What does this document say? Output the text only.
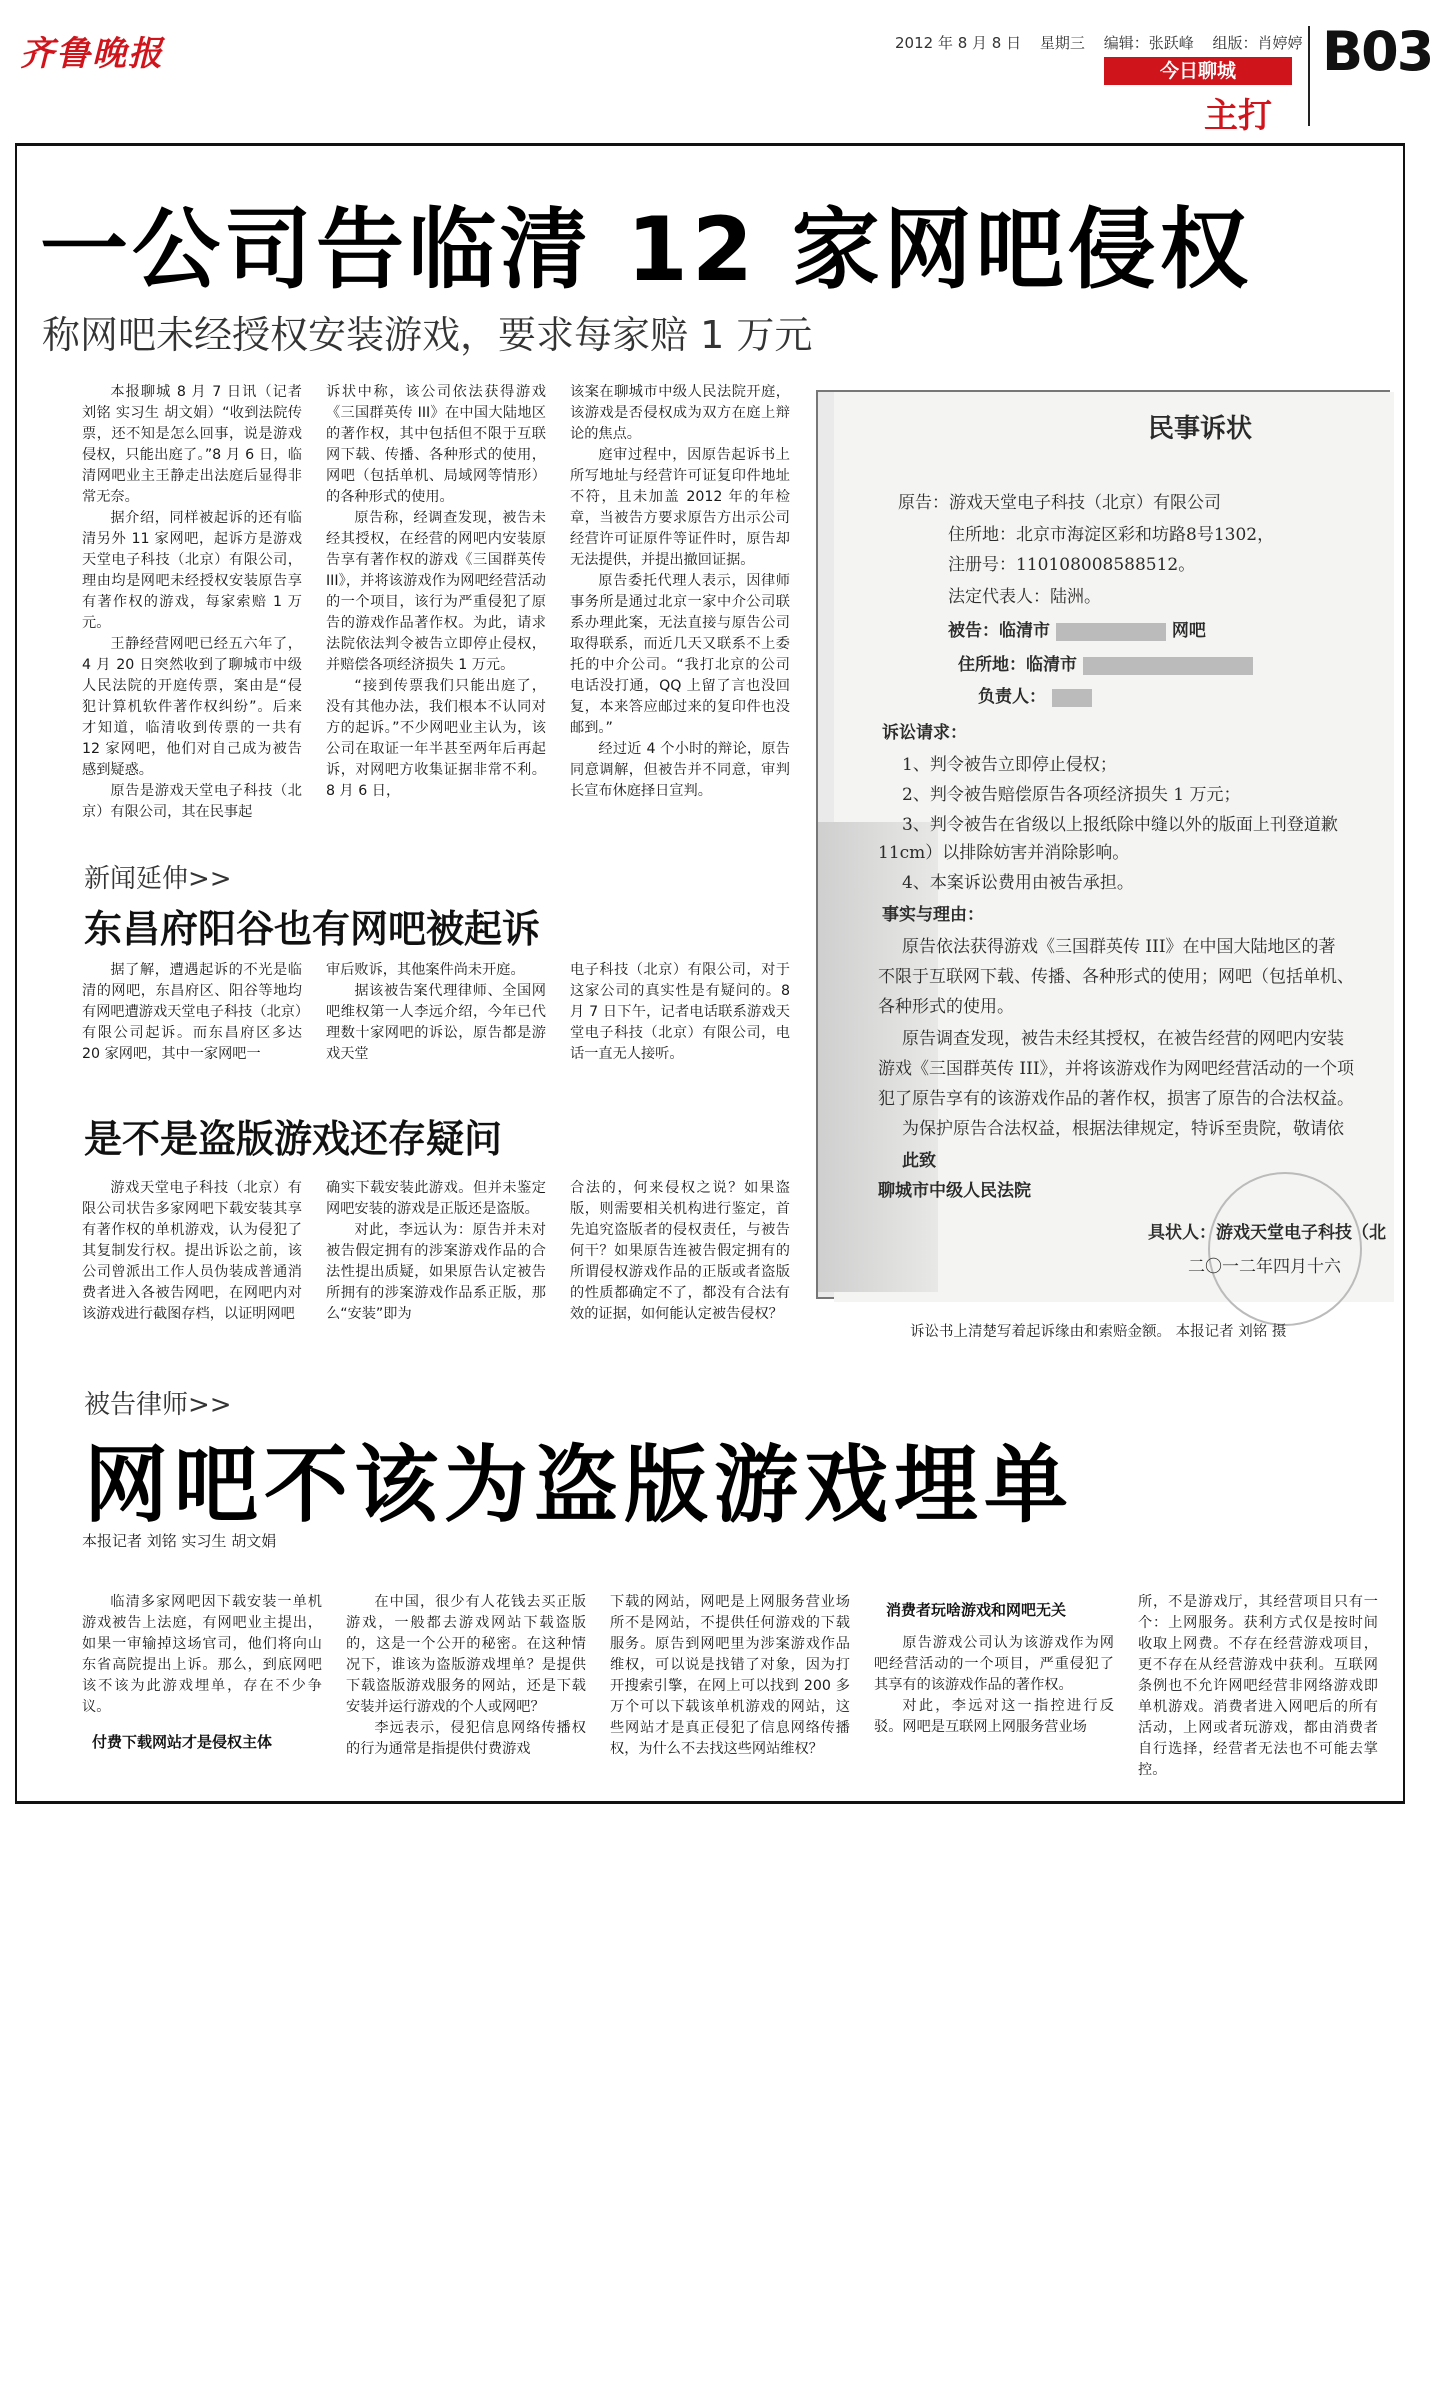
齐鲁晚报	2012 年 8 月 8 日 星期三 编辑：张跃峰 组版：肖婷婷
今日聊城
主打
B03
一公司告临清 12 家网吧侵权
称网吧未经授权安装游戏，要求每家赔 1 万元

本报聊城 8 月 7 日讯（记者 刘铭 实习生 胡文娟）“收到法院传票，还不知是怎么回事，说是游戏侵权，只能出庭了。”8 月 6 日，临清网吧业主王静走出法庭后显得非常无奈。

据介绍，同样被起诉的还有临清另外 11 家网吧，起诉方是游戏天堂电子科技（北京）有限公司，理由均是网吧未经授权安装原告享有著作权的游戏，每家索赔 1 万元。

王静经营网吧已经五六年了，4 月 20 日突然收到了聊城市中级人民法院的开庭传票，案由是“侵犯计算机软件著作权纠纷”。后来才知道，临清收到传票的一共有 12 家网吧，他们对自己成为被告感到疑惑。

原告是游戏天堂电子科技（北京）有限公司，其在民事起

诉状中称，该公司依法获得游戏《三国群英传 III》在中国大陆地区的著作权，其中包括但不限于互联网下载、传播、各种形式的使用，网吧（包括单机、局域网等情形）的各种形式的使用。

原告称，经调查发现，被告未经其授权，在经营的网吧内安装原告享有著作权的游戏《三国群英传 III》，并将该游戏作为网吧经营活动的一个项目，该行为严重侵犯了原告的游戏作品著作权。为此，请求法院依法判令被告立即停止侵权，并赔偿各项经济损失 1 万元。

“接到传票我们只能出庭了，没有其他办法，我们根本不认同对方的起诉。”不少网吧业主认为，该公司在取证一年半甚至两年后再起诉，对网吧方收集证据非常不利。8 月 6 日，

该案在聊城市中级人民法院开庭，该游戏是否侵权成为双方在庭上辩论的焦点。

庭审过程中，因原告起诉书上所写地址与经营许可证复印件地址不符，且未加盖 2012 年的年检章，当被告方要求原告方出示公司经营许可证原件等证件时，原告却无法提供，并提出撤回证据。

原告委托代理人表示，因律师事务所是通过北京一家中介公司联系办理此案，无法直接与原告公司取得联系，而近几天又联系不上委托的中介公司。“我打北京的公司电话没打通，QQ 上留了言也没回复，本来答应邮过来的复印件也没邮到。”

经过近 4 个小时的辩论，原告同意调解，但被告并不同意，审判长宣布休庭择日宣判。

新闻延伸>>
东昌府阳谷也有网吧被起诉

据了解，遭遇起诉的不光是临清的网吧，东昌府区、阳谷等地均有网吧遭游戏天堂电子科技（北京）有限公司起诉。而东昌府区多达 20 家网吧，其中一家网吧一

审后败诉，其他案件尚未开庭。

据该被告案代理律师、全国网吧维权第一人李远介绍，今年已代理数十家网吧的诉讼，原告都是游戏天堂

电子科技（北京）有限公司，对于这家公司的真实性是有疑问的。8 月 7 日下午，记者电话联系游戏天堂电子科技（北京）有限公司，电话一直无人接听。

是不是盗版游戏还存疑问

游戏天堂电子科技（北京）有限公司状告多家网吧下载安装其享有著作权的单机游戏，认为侵犯了其复制发行权。提出诉讼之前，该公司曾派出工作人员伪装成普通消费者进入各被告网吧，在网吧内对该游戏进行截图存档，以证明网吧

确实下载安装此游戏。但并未鉴定网吧安装的游戏是正版还是盗版。

对此，李远认为：原告并未对被告假定拥有的涉案游戏作品的合法性提出质疑，如果原告认定被告所拥有的涉案游戏作品系正版，那么“安装”即为

合法的，何来侵权之说？如果盗版，则需要相关机构进行鉴定，首先追究盗版者的侵权责任，与被告何干？如果原告连被告假定拥有的所谓侵权游戏作品的正版或者盗版的性质都确定不了，都没有合法有效的证据，如何能认定被告侵权？

民事诉状
原告：游戏天堂电子科技（北京）有限公司
住所地：北京市海淀区彩和坊路8号1302，
注册号：110108008588512。
法定代表人：陆洲。
被告：临清市	网吧
住所地：临清市
负责人：
诉讼请求：
1、判令被告立即停止侵权；
2、判令被告赔偿原告各项经济损失 1 万元；
3、判令被告在省级以上报纸除中缝以外的版面上刊登道歉
11cm）以排除妨害并消除影响。
4、本案诉讼费用由被告承担。
事实与理由：
原告依法获得游戏《三国群英传 III》在中国大陆地区的著
不限于互联网下载、传播、各种形式的使用；网吧（包括单机、
各种形式的使用。
原告调查发现，被告未经其授权，在被告经营的网吧内安装
游戏《三国群英传 III》，并将该游戏作为网吧经营活动的一个项
犯了原告享有的该游戏作品的著作权，损害了原告的合法权益。
为保护原告合法权益，根据法律规定，特诉至贵院，敬请依
此致
聊城市中级人民法院
具状人：游戏天堂电子科技（北
二〇一二年四月十六
诉讼书上清楚写着起诉缘由和索赔金额。 本报记者 刘铭 摄
被告律师>>
网吧不该为盗版游戏埋单
本报记者 刘铭 实习生 胡文娟

临清多家网吧因下载安装一单机游戏被告上法庭，有网吧业主提出，如果一审输掉这场官司，他们将向山东省高院提出上诉。那么，到底网吧该不该为此游戏埋单，存在不少争议。

付费下载网站才是侵权主体

在中国，很少有人花钱去买正版游戏，一般都去游戏网站下载盗版的，这是一个公开的秘密。在这种情况下，谁该为盗版游戏埋单？是提供下载盗版游戏服务的网站，还是下载安装并运行游戏的个人或网吧？

李远表示，侵犯信息网络传播权的行为通常是指提供付费游戏

下载的网站，网吧是上网服务营业场所不是网站，不提供任何游戏的下载服务。原告到网吧里为涉案游戏作品维权，可以说是找错了对象，因为打开搜索引擎，在网上可以找到 200 多万个可以下载该单机游戏的网站，这些网站才是真正侵犯了信息网络传播权，为什么不去找这些网站维权？

消费者玩啥游戏和网吧无关

原告游戏公司认为该游戏作为网吧经营活动的一个项目，严重侵犯了其享有的该游戏作品的著作权。

对此，李远对这一指控进行反驳。网吧是互联网上网服务营业场

所，不是游戏厅，其经营项目只有一个：上网服务。获利方式仅是按时间收取上网费。不存在经营游戏项目，更不存在从经营游戏中获利。互联网条例也不允许网吧经营非网络游戏即单机游戏。消费者进入网吧后的所有活动，上网或者玩游戏，都由消费者自行选择，经营者无法也不可能去掌控。
